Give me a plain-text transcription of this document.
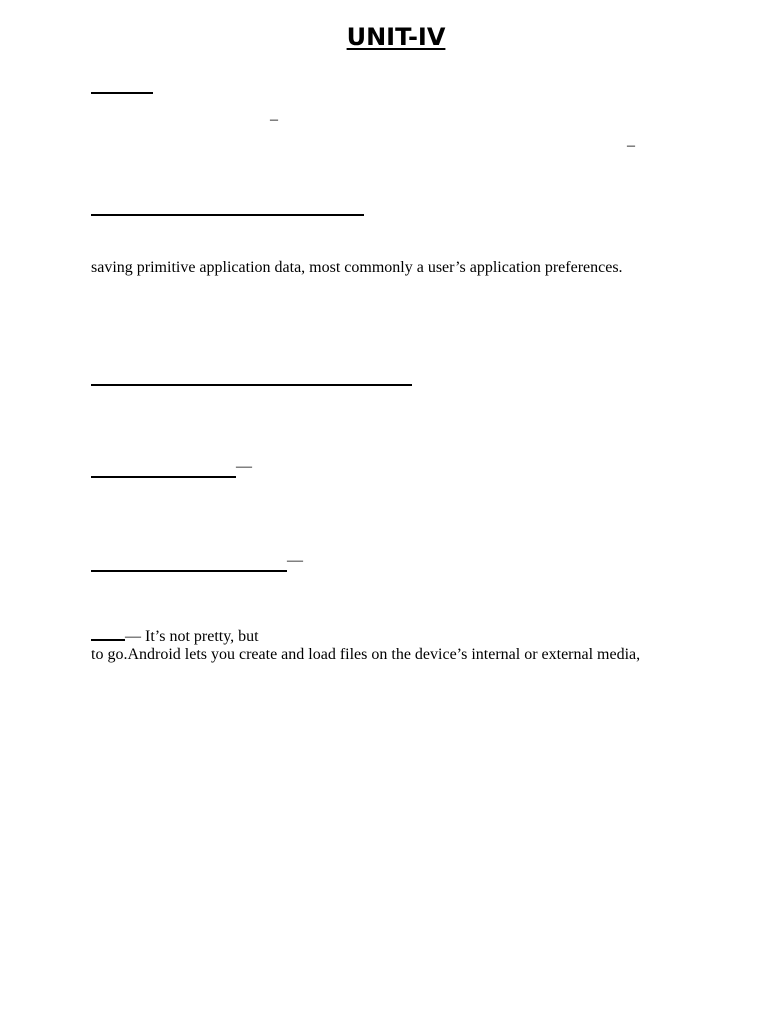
UNIT-IV
–
–
saving primitive application data, most commonly a user’s application preferences.
—
—
— It’s not pretty, but
to go.Android lets you create and load files on the device’s internal or external media,
